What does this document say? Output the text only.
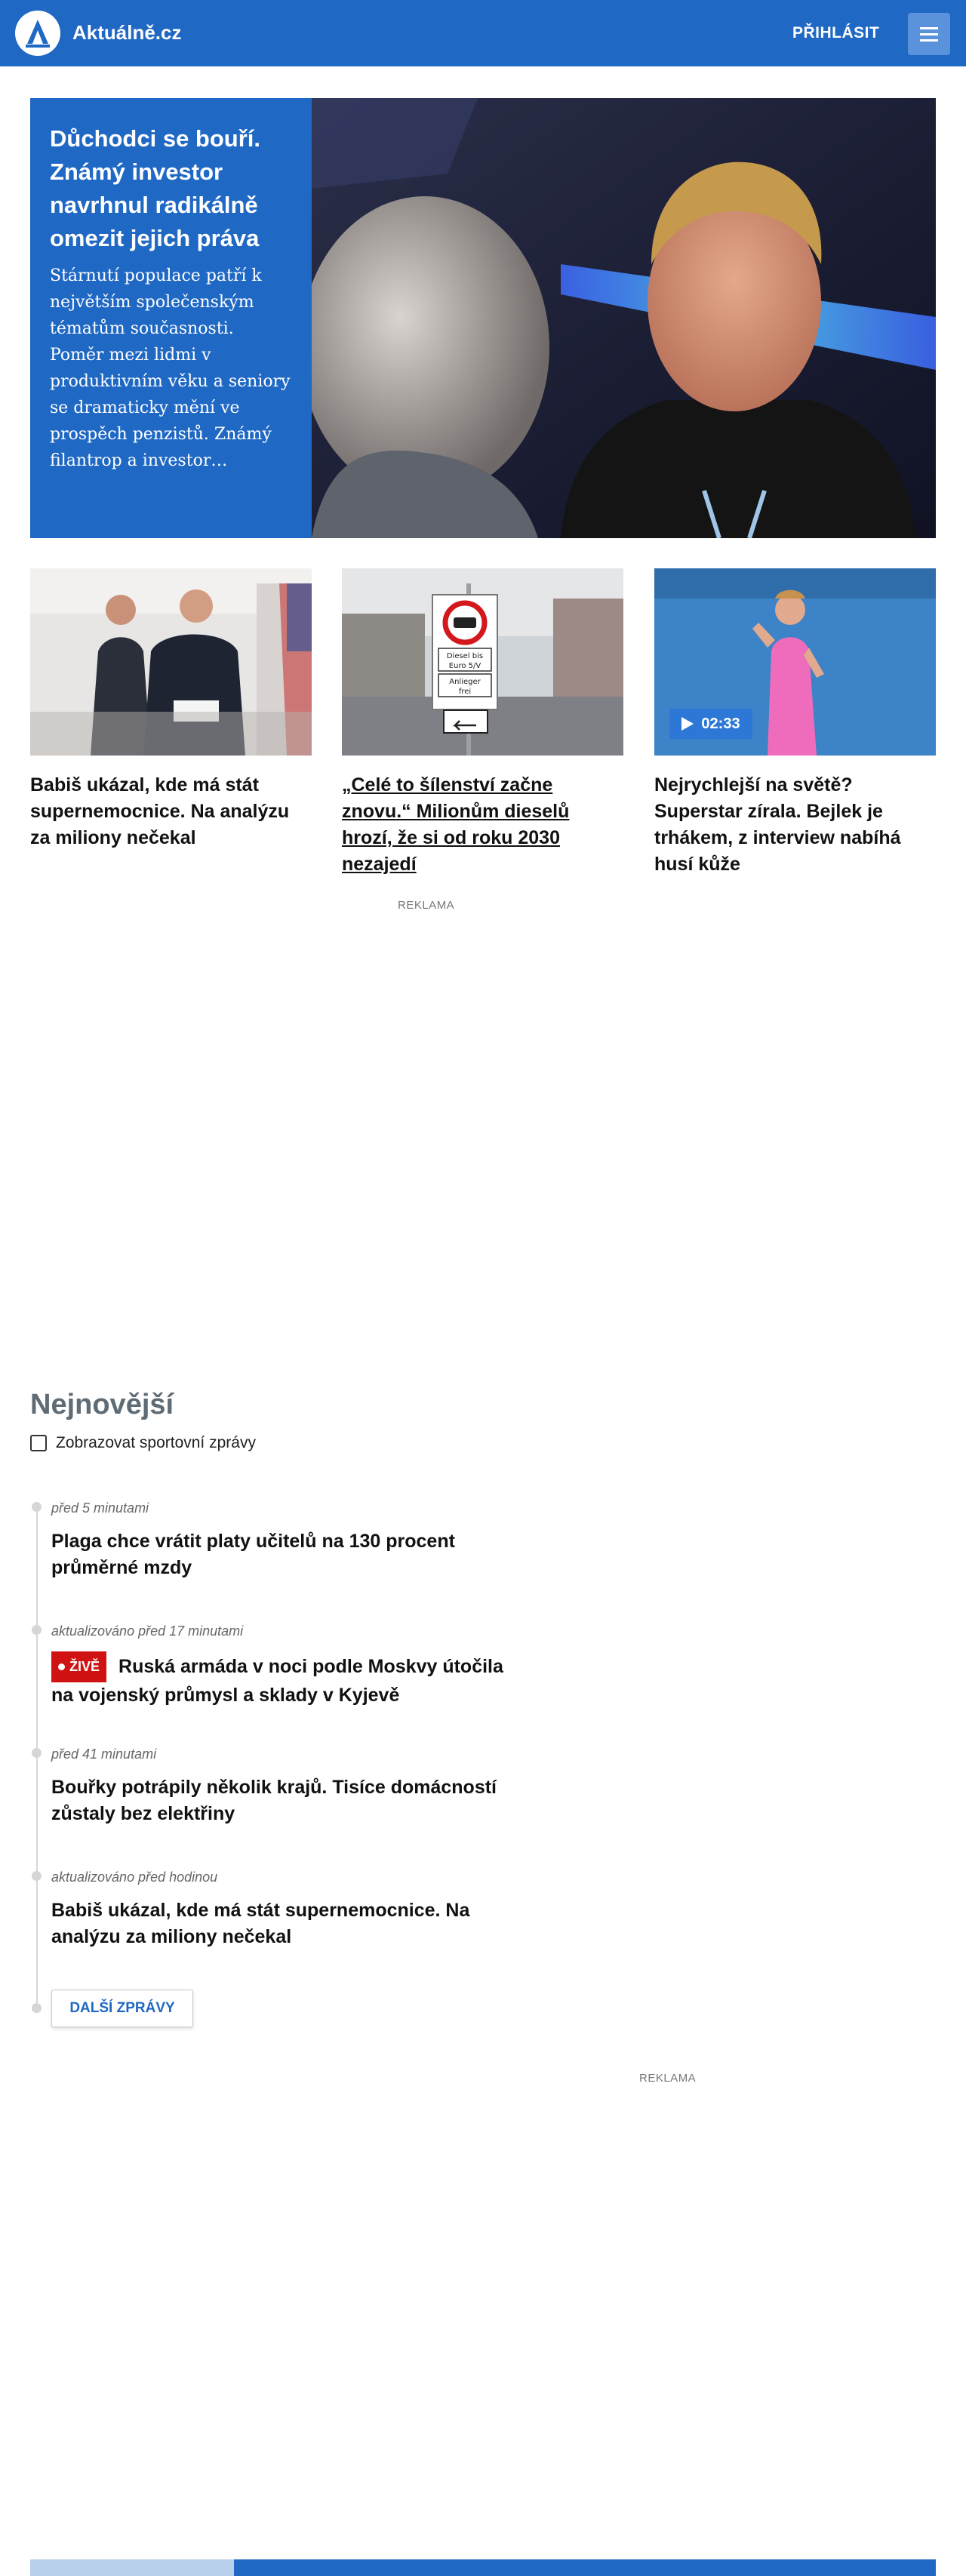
Aktuálně.cz	PŘIHLÁSIT
Důchodci se bouří. Známý investor navrhnul radikálně omezit jejich práva
Stárnutí populace patří k největším společenským tématům současnosti. Poměr mezi lidmi v produktivním věku a seniory se dramaticky mění ve prospěch penzistů. Známý filantrop a investor…
Babiš ukázal, kde má stát supernemocnice. Na analýzu za miliony nečekal
Diesel bis
Euro 5/V
Anlieger
frei
„Celé to šílenství začne znovu.“ Milionům dieselů hrozí, že si od roku 2030 nezajedí
02:33
Nejrychlejší na světě? Superstar zírala. Bejlek je trhákem, z interview nabíhá husí kůže
REKLAMA
Nejnovější
Zobrazovat sportovní zprávy
před 5 minutami
Plaga chce vrátit platy učitelů na 130 procent průměrné mzdy
aktualizováno před 17 minutami
ŽIVĚ Ruská armáda v noci podle Moskvy útočila na vojenský průmysl a sklady v Kyjevě
před 41 minutami
Bouřky potrápily několik krajů. Tisíce domácností zůstaly bez elektřiny
aktualizováno před hodinou
Babiš ukázal, kde má stát supernemocnice. Na analýzu za miliony nečekal
DALŠÍ ZPRÁVY
REKLAMA
